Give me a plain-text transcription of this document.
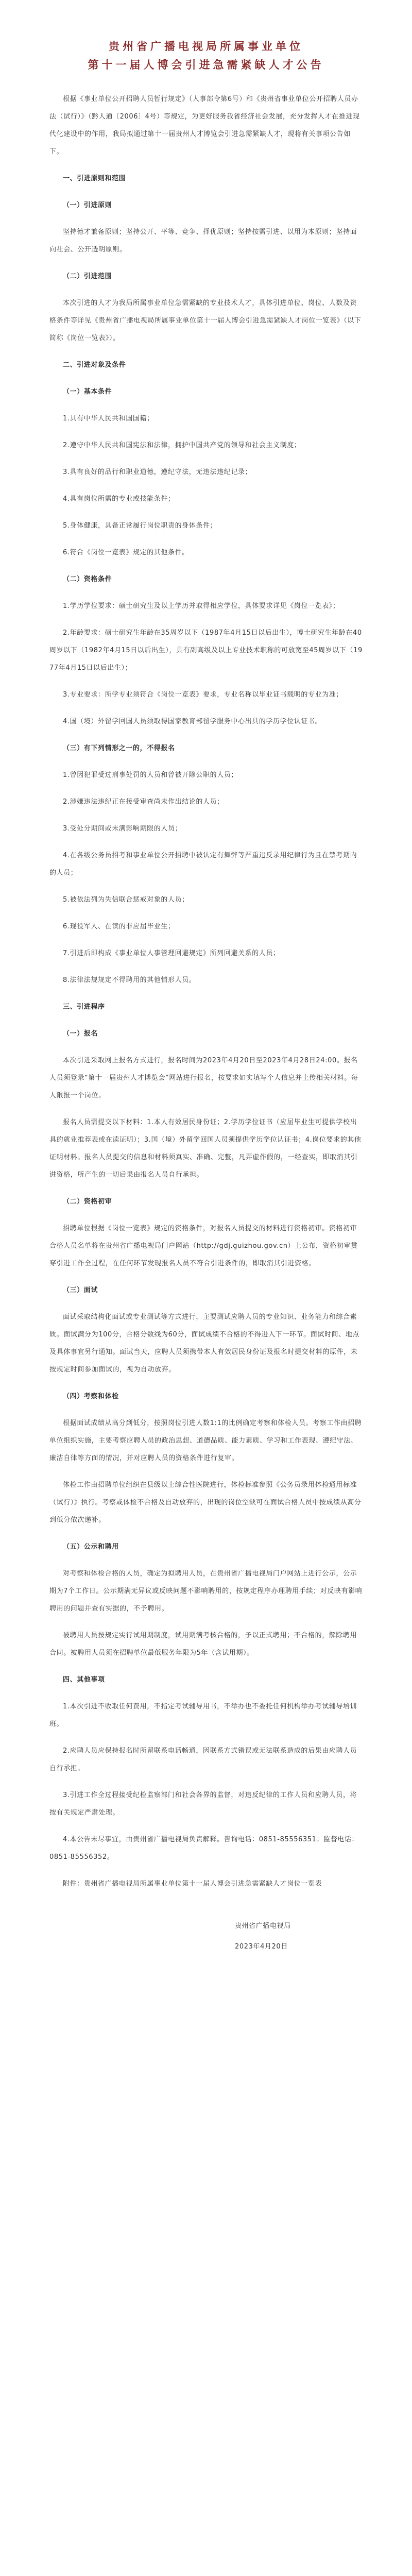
贵州省广播电视局所属事业单位
第十一届人博会引进急需紧缺人才公告

根据《事业单位公开招聘人员暂行规定》（人事部令第6号）和《贵州省事业单位公开招聘人员办法（试行）》（黔人通〔2006〕4号）等规定，为更好服务我省经济社会发展，充分发挥人才在推进现代化建设中的作用，我局拟通过第十一届贵州人才博览会引进急需紧缺人才，现将有关事项公告如下。

一、引进原则和范围

（一）引进原则

坚持德才兼备原则；坚持公开、平等、竞争、择优原则；坚持按需引进、以用为本原则；坚持面向社会、公开透明原则。

（二）引进范围

本次引进的人才为我局所属事业单位急需紧缺的专业技术人才，具体引进单位、岗位、人数及资格条件等详见《贵州省广播电视局所属事业单位第十一届人博会引进急需紧缺人才岗位一览表》（以下简称《岗位一览表》）。

二、引进对象及条件

（一）基本条件

1.具有中华人民共和国国籍；

2.遵守中华人民共和国宪法和法律，拥护中国共产党的领导和社会主义制度；

3.具有良好的品行和职业道德，遵纪守法，无违法违纪记录；

4.具有岗位所需的专业或技能条件；

5.身体健康，具备正常履行岗位职责的身体条件；

6.符合《岗位一览表》规定的其他条件。

（二）资格条件

1.学历学位要求：硕士研究生及以上学历并取得相应学位，具体要求详见《岗位一览表》；

2.年龄要求：硕士研究生年龄在35周岁以下（1987年4月15日以后出生），博士研究生年龄在40周岁以下（1982年4月15日以后出生），具有副高级及以上专业技术职称的可放宽至45周岁以下（1977年4月15日以后出生）；

3.专业要求：所学专业须符合《岗位一览表》要求，专业名称以毕业证书载明的专业为准；

4.国（境）外留学回国人员须取得国家教育部留学服务中心出具的学历学位认证书。

（三）有下列情形之一的，不得报名

1.曾因犯罪受过刑事处罚的人员和曾被开除公职的人员；

2.涉嫌违法违纪正在接受审查尚未作出结论的人员；

3.受处分期间或未满影响期限的人员；

4.在各级公务员招考和事业单位公开招聘中被认定有舞弊等严重违反录用纪律行为且在禁考期内的人员；

5.被依法列为失信联合惩戒对象的人员；

6.现役军人、在读的非应届毕业生；

7.引进后即构成《事业单位人事管理回避规定》所列回避关系的人员；

8.法律法规规定不得聘用的其他情形人员。

三、引进程序

（一）报名

本次引进采取网上报名方式进行，报名时间为2023年4月20日至2023年4月28日24:00。报名人员须登录“第十一届贵州人才博览会”网站进行报名，按要求如实填写个人信息并上传相关材料。每人限报一个岗位。

报名人员需提交以下材料：1.本人有效居民身份证；2.学历学位证书（应届毕业生可提供学校出具的就业推荐表或在读证明）；3.国（境）外留学回国人员须提供学历学位认证书；4.岗位要求的其他证明材料。报名人员提交的信息和材料须真实、准确、完整，凡弄虚作假的，一经查实，即取消其引进资格，所产生的一切后果由报名人员自行承担。

（二）资格初审

招聘单位根据《岗位一览表》规定的资格条件，对报名人员提交的材料进行资格初审。资格初审合格人员名单将在贵州省广播电视局门户网站（http://gdj.guizhou.gov.cn）上公布，资格初审贯穿引进工作全过程，在任何环节发现报名人员不符合引进条件的，即取消其引进资格。

（三）面试

面试采取结构化面试或专业测试等方式进行，主要测试应聘人员的专业知识、业务能力和综合素质。面试满分为100分，合格分数线为60分，面试成绩不合格的不得进入下一环节。面试时间、地点及具体事宜另行通知。面试当天，应聘人员须携带本人有效居民身份证及报名时提交材料的原件，未按规定时间参加面试的，视为自动放弃。

（四）考察和体检

根据面试成绩从高分到低分，按照岗位引进人数1:1的比例确定考察和体检人员。考察工作由招聘单位组织实施，主要考察应聘人员的政治思想、道德品质、能力素质、学习和工作表现、遵纪守法、廉洁自律等方面的情况，并对应聘人员的资格条件进行复审。

体检工作由招聘单位组织在县级以上综合性医院进行，体检标准参照《公务员录用体检通用标准（试行）》执行。考察或体检不合格及自动放弃的，出现的岗位空缺可在面试合格人员中按成绩从高分到低分依次递补。

（五）公示和聘用

对考察和体检合格的人员，确定为拟聘用人员，在贵州省广播电视局门户网站上进行公示，公示期为7个工作日。公示期满无异议或反映问题不影响聘用的，按规定程序办理聘用手续；对反映有影响聘用的问题并查有实据的，不予聘用。

被聘用人员按规定实行试用期制度，试用期满考核合格的，予以正式聘用；不合格的，解除聘用合同。被聘用人员须在招聘单位最低服务年限为5年（含试用期）。

四、其他事项

1.本次引进不收取任何费用，不指定考试辅导用书，不举办也不委托任何机构举办考试辅导培训班。

2.应聘人员应保持报名时所留联系电话畅通，因联系方式错误或无法联系造成的后果由应聘人员自行承担。

3.引进工作全过程接受纪检监察部门和社会各界的监督，对违反纪律的工作人员和应聘人员，将按有关规定严肃处理。

4.本公告未尽事宜，由贵州省广播电视局负责解释。咨询电话：0851-85556351；监督电话：0851-85556352。

附件：贵州省广播电视局所属事业单位第十一届人博会引进急需紧缺人才岗位一览表

贵州省广播电视局
2023年4月20日
